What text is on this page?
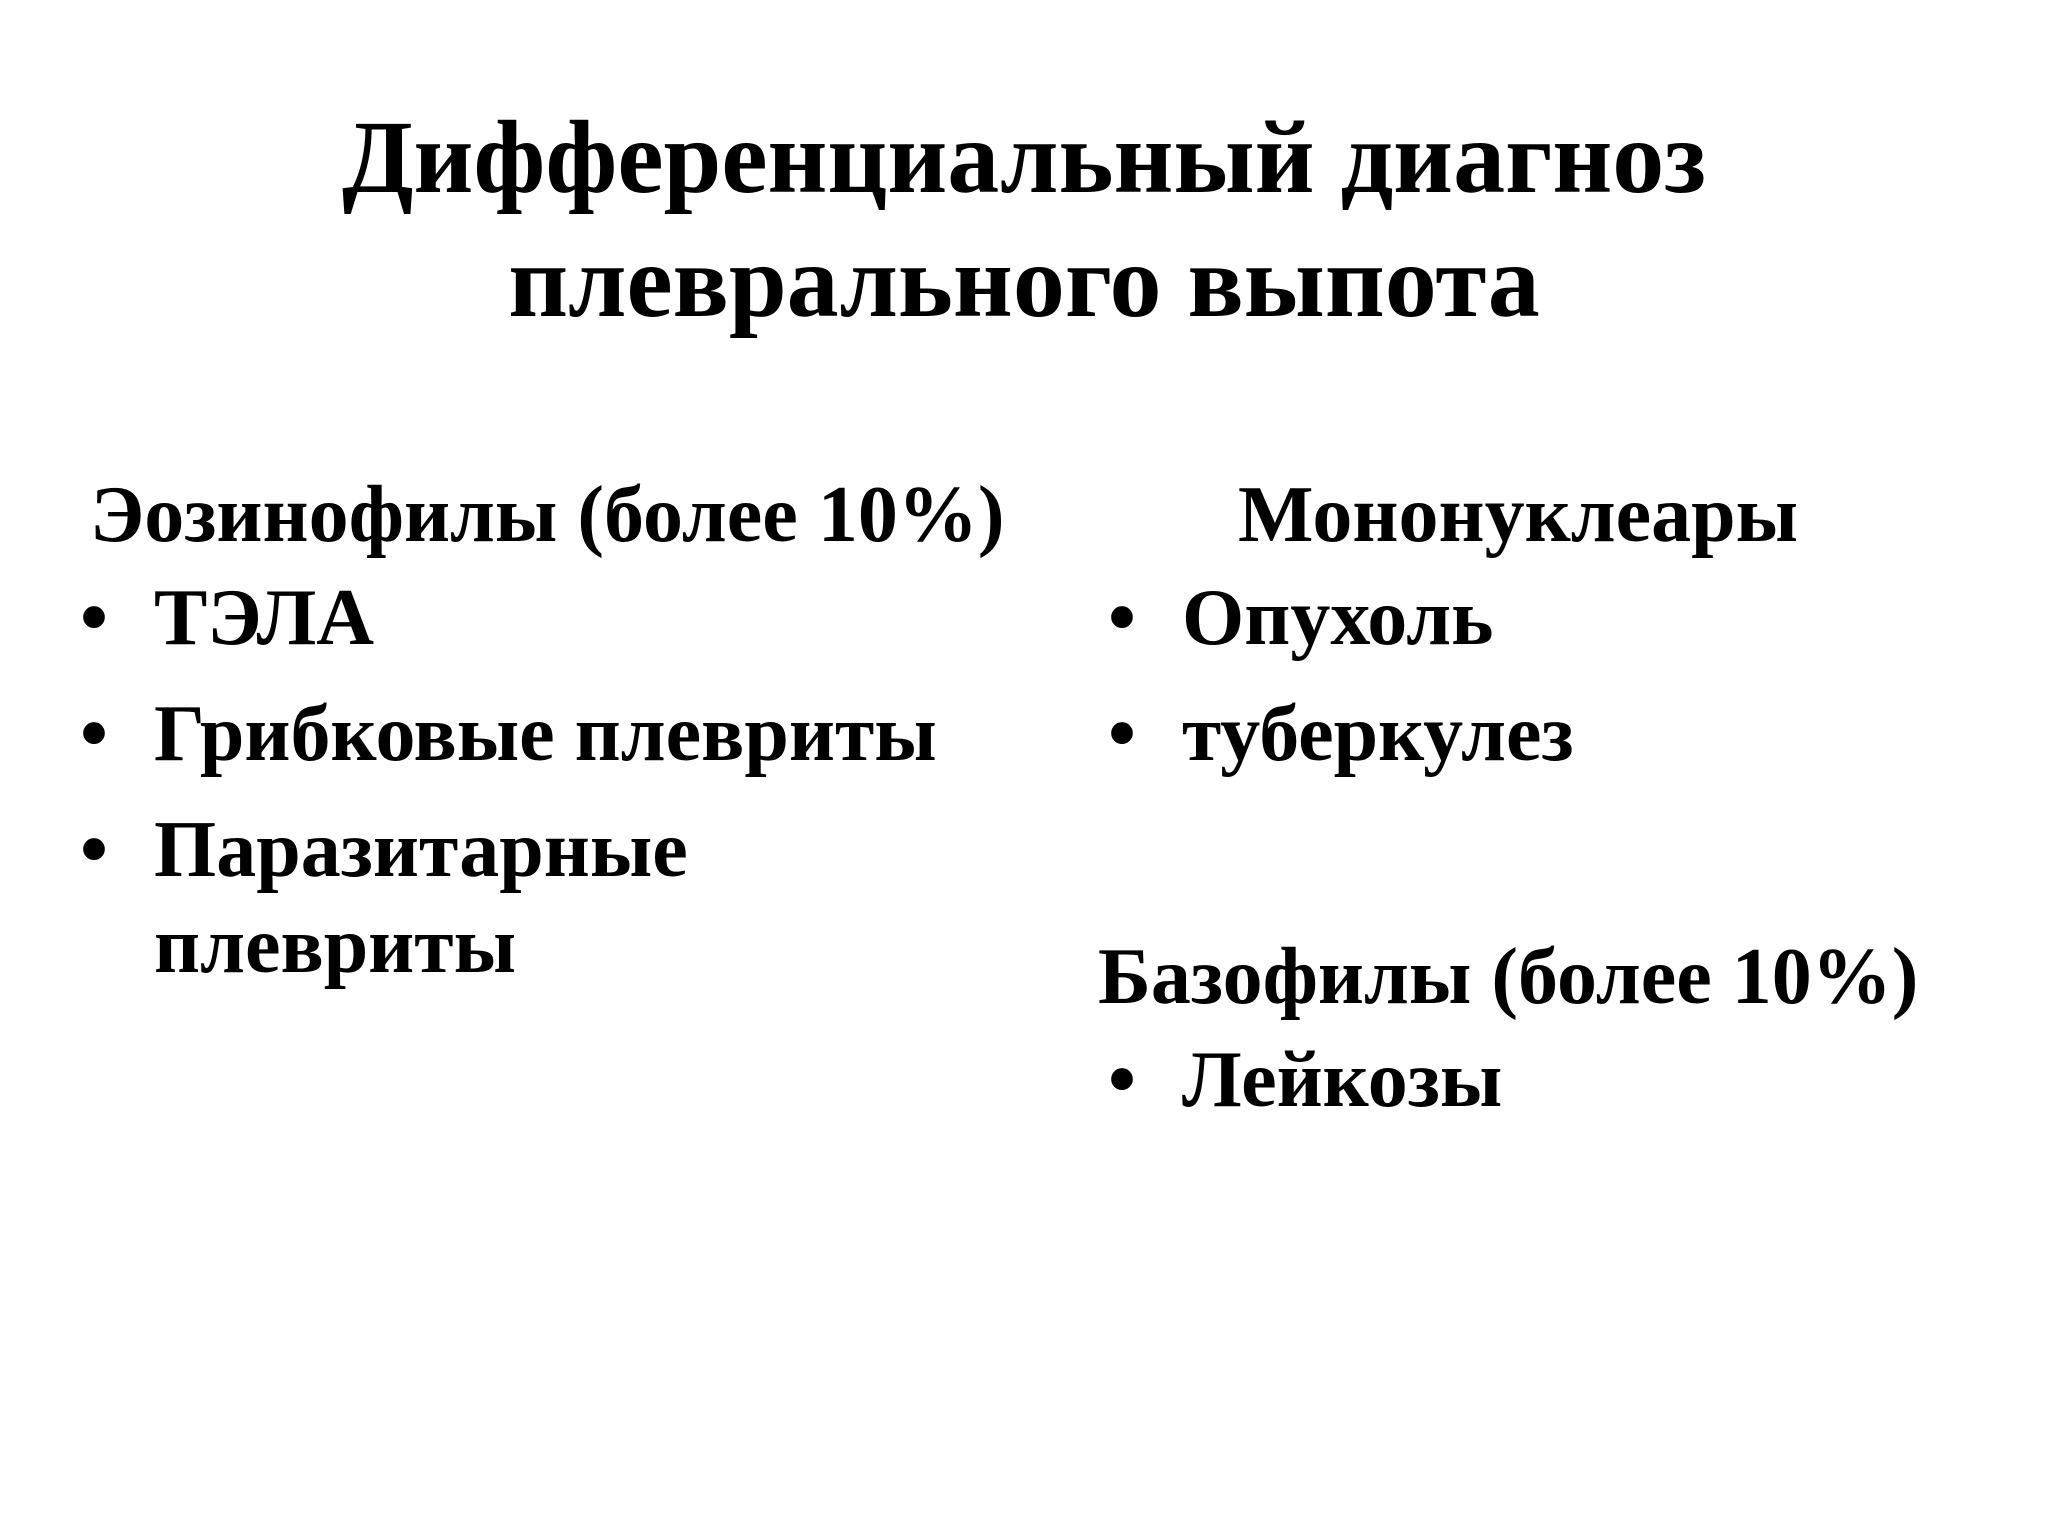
Дифференциальный диагноз
плеврального выпота
Эозинофилы (более 10%)
• ТЭЛА
• Грибковые плевриты
• Паразитарные плевриты
Мононуклеары
• Опухоль
• туберкулез
Базофилы (более 10%)
• Лейкозы
